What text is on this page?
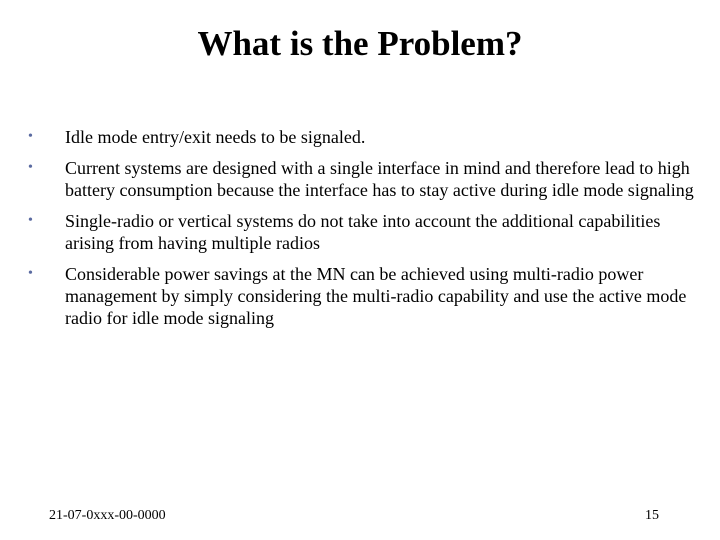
What is the Problem?
•	Idle mode entry/exit needs to be signaled.
•	Current systems are designed with a single interface in mind and therefore lead to high battery consumption because the interface has to stay active during idle mode signaling
•	Single-radio or vertical systems do not take into account the additional capabilities arising from having multiple radios
•	Considerable power savings at the MN can be achieved using multi-radio power management by simply considering the multi-radio capability and use the active mode radio for idle mode signaling
21-07-0xxx-00-0000	15
